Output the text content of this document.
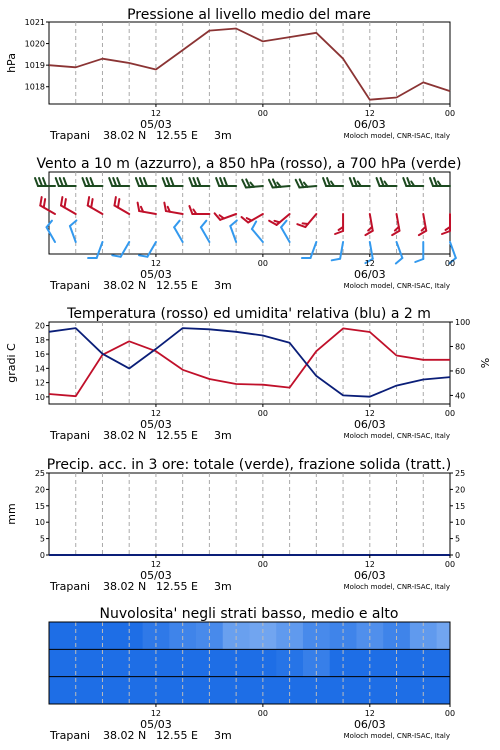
Pressione al livello medio del mare
1018
1019
1020
1021
hPa
12	00	12	00
05/03	06/03
Trapani 38.02 N 12.55 E 3m	Moloch model, CNR-ISAC, Italy
Vento a 10 m (azzurro), a 850 hPa (rosso), a 700 hPa (verde)
12	00	12	00
05/03	06/03
Trapani 38.02 N 12.55 E 3m	Moloch model, CNR-ISAC, Italy
Temperatura (rosso) ed umidita' relativa (blu) a 2 m
10
12
14
16
18
20
40
60
80
100
gradi C	%
12	00	12	00
05/03	06/03
Trapani 38.02 N 12.55 E 3m	Moloch model, CNR-ISAC, Italy
Precip. acc. in 3 ore: totale (verde), frazione solida (tratt.)
0
5
10
15
20
25
0
5
10
15
20
25
mm
12	00	12	00
05/03	06/03
Trapani 38.02 N 12.55 E 3m	Moloch model, CNR-ISAC, Italy
Nuvolosita' negli strati basso, medio e alto
12	00	12	00
05/03	06/03
Trapani 38.02 N 12.55 E 3m	Moloch model, CNR-ISAC, Italy
